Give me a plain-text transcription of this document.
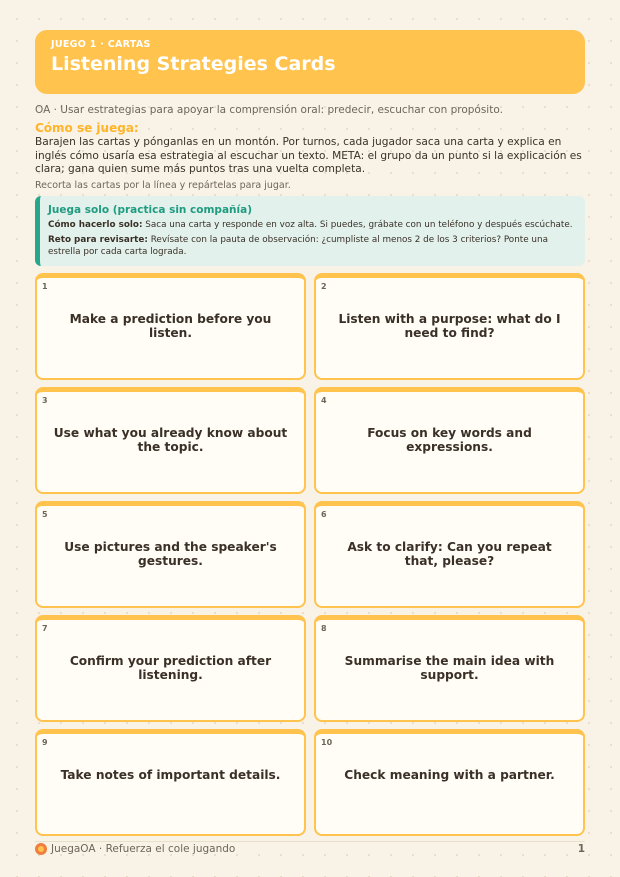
JUEGO 1 · CARTAS
Listening Strategies Cards
OA · Usar estrategias para apoyar la comprensión oral: predecir, escuchar con propósito.
Cómo se juega:
Barajen las cartas y pónganlas en un montón. Por turnos, cada jugador saca una carta y explica en inglés cómo usaría esa estrategia al escuchar un texto. META: el grupo da un punto si la explicación es clara; gana quien sume más puntos tras una vuelta completa.
Recorta las cartas por la línea y repártelas para jugar.
Juega solo (practica sin compañía)
Cómo hacerlo solo: Saca una carta y responde en voz alta. Si puedes, grábate con un teléfono y después escúchate.
Reto para revisarte: Revísate con la pauta de observación: ¿cumpliste al menos 2 de los 3 criterios? Ponte una estrella por cada carta lograda.
1
Make a prediction before you listen.
2
Listen with a purpose: what do I need to find?
3
Use what you already know about the topic.
4
Focus on key words and expressions.
5
Use pictures and the speaker's gestures.
6
Ask to clarify: Can you repeat that, please?
7
Confirm your prediction after listening.
8
Summarise the main idea with support.
9
Take notes of important details.
10
Check meaning with a partner.
JuegaOA · Refuerza el cole jugando	1
